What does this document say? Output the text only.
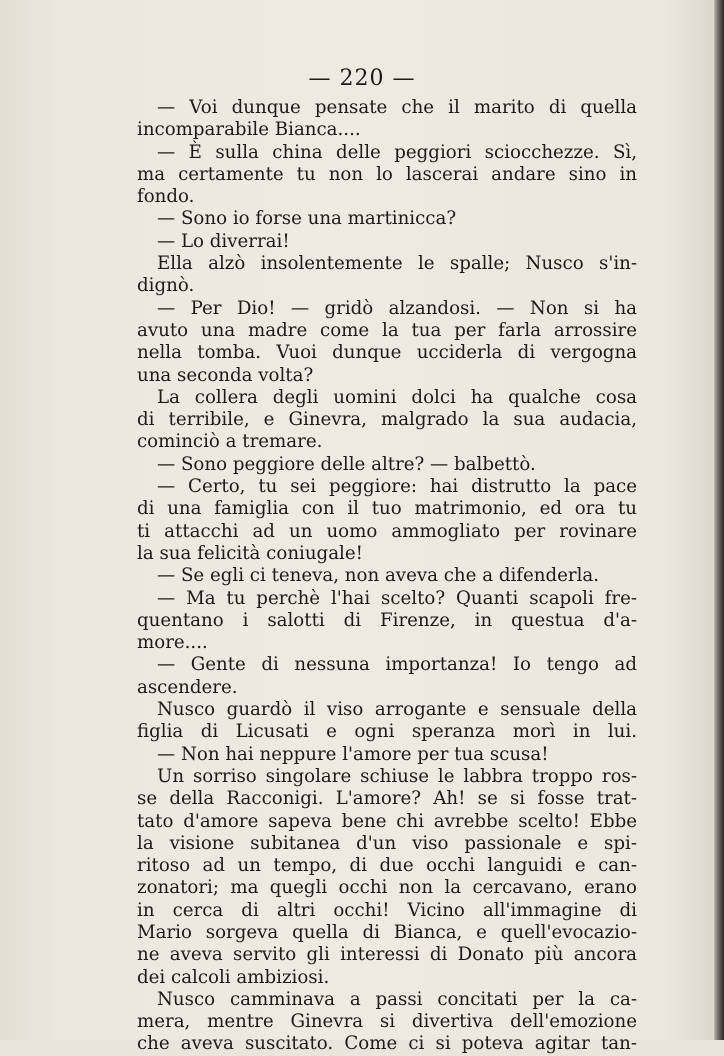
— 220 —
— Voi dunque pensate che il marito di quella
incomparabile Bianca....
— È sulla china delle peggiori sciocchezze. Sì,
ma certamente tu non lo lascerai andare sino in
fondo.
— Sono io forse una martinicca?
— Lo diverrai!
Ella alzò insolentemente le spalle; Nusco s'in-
dignò.
— Per Dio! — gridò alzandosi. — Non si ha
avuto una madre come la tua per farla arrossire
nella tomba. Vuoi dunque ucciderla di vergogna
una seconda volta?
La collera degli uomini dolci ha qualche cosa
di terribile, e Ginevra, malgrado la sua audacia,
cominciò a tremare.
— Sono peggiore delle altre? — balbettò.
— Certo, tu sei peggiore: hai distrutto la pace
di una famiglia con il tuo matrimonio, ed ora tu
ti attacchi ad un uomo ammogliato per rovinare
la sua felicità coniugale!
— Se egli ci teneva, non aveva che a difenderla.
— Ma tu perchè l'hai scelto? Quanti scapoli fre-
quentano i salotti di Firenze, in questua d'a-
more....
— Gente di nessuna importanza! Io tengo ad
ascendere.
Nusco guardò il viso arrogante e sensuale della
figlia di Licusati e ogni speranza morì in lui.
— Non hai neppure l'amore per tua scusa!
Un sorriso singolare schiuse le labbra troppo ros-
se della Racconigi. L'amore? Ah! se si fosse trat-
tato d'amore sapeva bene chi avrebbe scelto! Ebbe
la visione subitanea d'un viso passionale e spi-
ritoso ad un tempo, di due occhi languidi e can-
zonatori; ma quegli occhi non la cercavano, erano
in cerca di altri occhi! Vicino all'immagine di
Mario sorgeva quella di Bianca, e quell'evocazio-
ne aveva servito gli interessi di Donato più ancora
dei calcoli ambiziosi.
Nusco camminava a passi concitati per la ca-
mera, mentre Ginevra si divertiva dell'emozione
che aveva suscitato. Come ci si poteva agitar tan-
